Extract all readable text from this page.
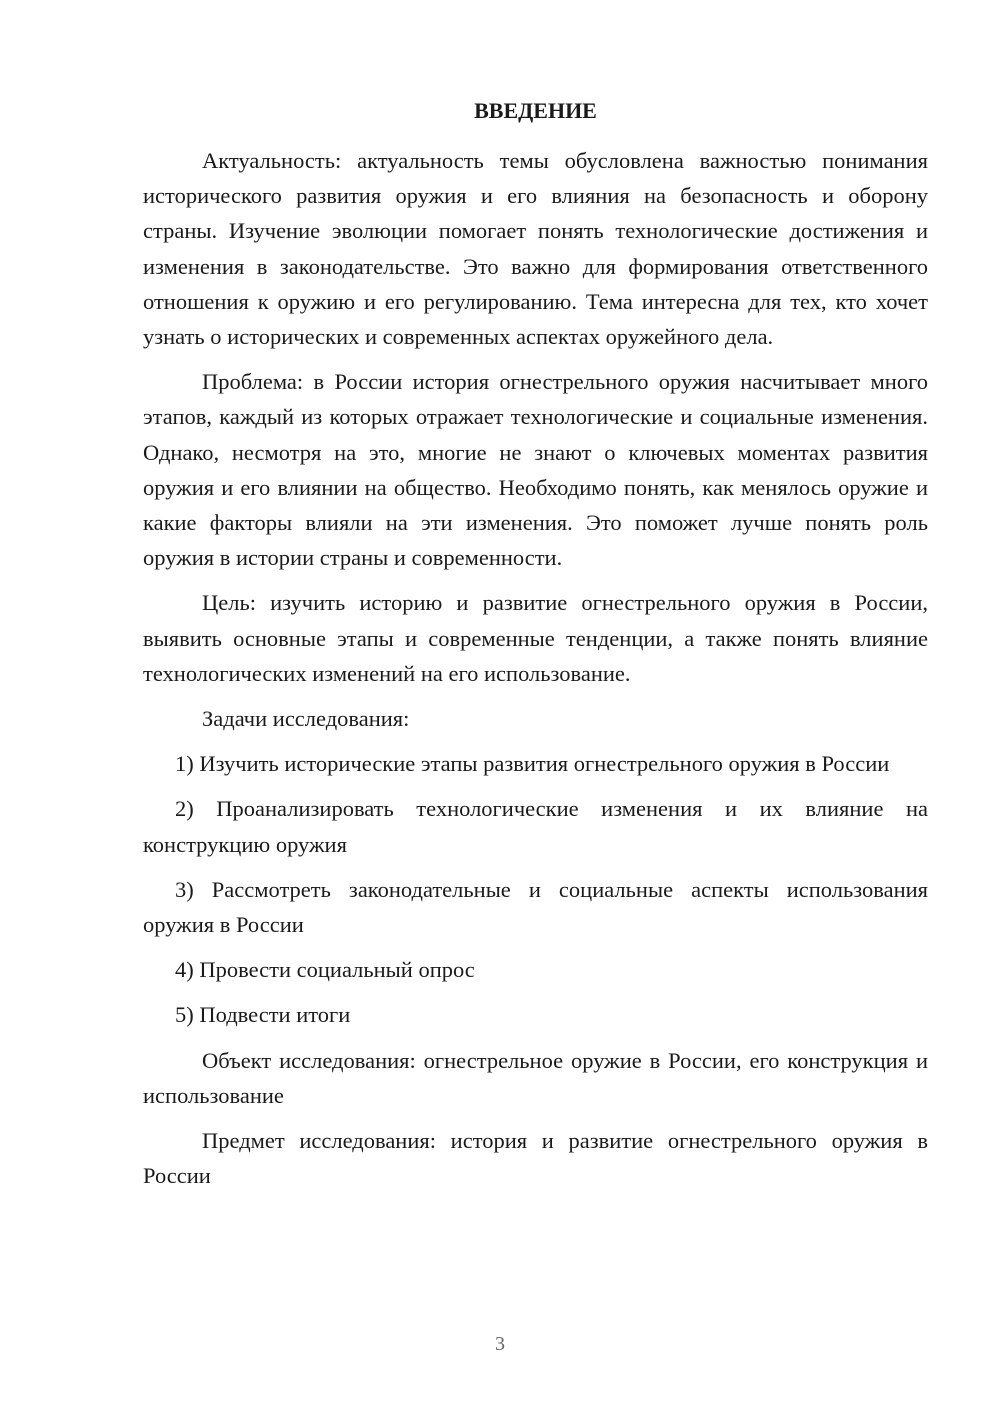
ВВЕДЕНИЕ

Актуальность: актуальность темы обусловлена важностью понимания исторического развития оружия и его влияния на безопасность и оборону страны. Изучение эволюции помогает понять технологические достижения и изменения в законодательстве. Это важно для формирования ответственного отношения к оружию и его регулированию. Тема интересна для тех, кто хочет узнать о исторических и современных аспектах оружейного дела.

Проблема: в России история огнестрельного оружия насчитывает много этапов, каждый из которых отражает технологические и социальные изменения. Однако, несмотря на это, многие не знают о ключевых моментах развития оружия и его влиянии на общество. Необходимо понять, как менялось оружие и какие факторы влияли на эти изменения. Это поможет лучше понять роль оружия в истории страны и современности.

Цель: изучить историю и развитие огнестрельного оружия в России, выявить основные этапы и современные тенденции, а также понять влияние технологических изменений на его использование.

Задачи исследования:

1) Изучить исторические этапы развития огнестрельного оружия в России

2) Проанализировать технологические изменения и их влияние на конструкцию оружия

3) Рассмотреть законодательные и социальные аспекты использования оружия в России

4) Провести социальный опрос

5) Подвести итоги

Объект исследования: огнестрельное оружие в России, его конструкция и использование

Предмет исследования: история и развитие огнестрельного оружия в России

3
